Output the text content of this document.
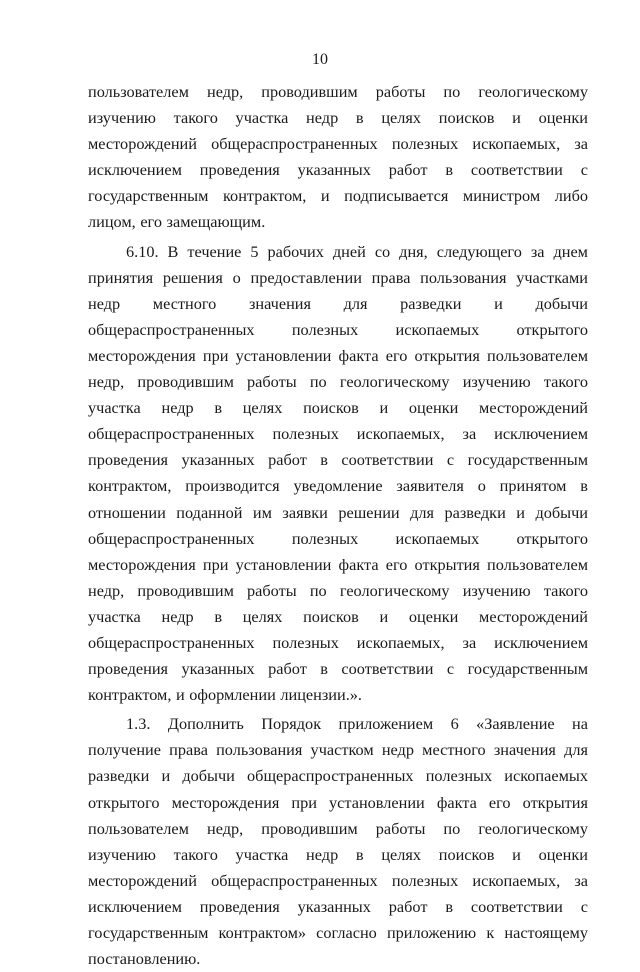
10

пользователем недр, проводившим работы по геологическому изучению такого участка недр в целях поисков и оценки месторождений общераспространенных полезных ископаемых, за исключением проведения указанных работ в соответствии с государственным контрактом, и подписывается министром либо лицом, его замещающим.

6.10. В течение 5 рабочих дней со дня, следующего за днем принятия решения о предоставлении права пользования участками недр местного значения для разведки и добычи общераспространенных полезных ископаемых открытого месторождения при установлении факта его открытия пользователем недр, проводившим работы по геологическому изучению такого участка недр в целях поисков и оценки месторождений общераспространенных полезных ископаемых, за исключением проведения указанных работ в соответствии с государственным контрактом, производится уведомление заявителя о принятом в отношении поданной им заявки решении для разведки и добычи общераспространенных полезных ископаемых открытого месторождения при установлении факта его открытия пользователем недр, проводившим работы по геологическому изучению такого участка недр в целях поисков и оценки месторождений общераспространенных полезных ископаемых, за исключением проведения указанных работ в соответствии с государственным контрактом, и оформлении лицензии.».

1.3. Дополнить Порядок приложением 6 «Заявление на получение права пользования участком недр местного значения для разведки и добычи общераспространенных полезных ископаемых открытого месторождения при установлении факта его открытия пользователем недр, проводившим работы по геологическому изучению такого участка недр в целях поисков и оценки месторождений общераспространенных полезных ископаемых, за исключением проведения указанных работ в соответствии с государственным контрактом» согласно приложению к настоящему постановлению.
